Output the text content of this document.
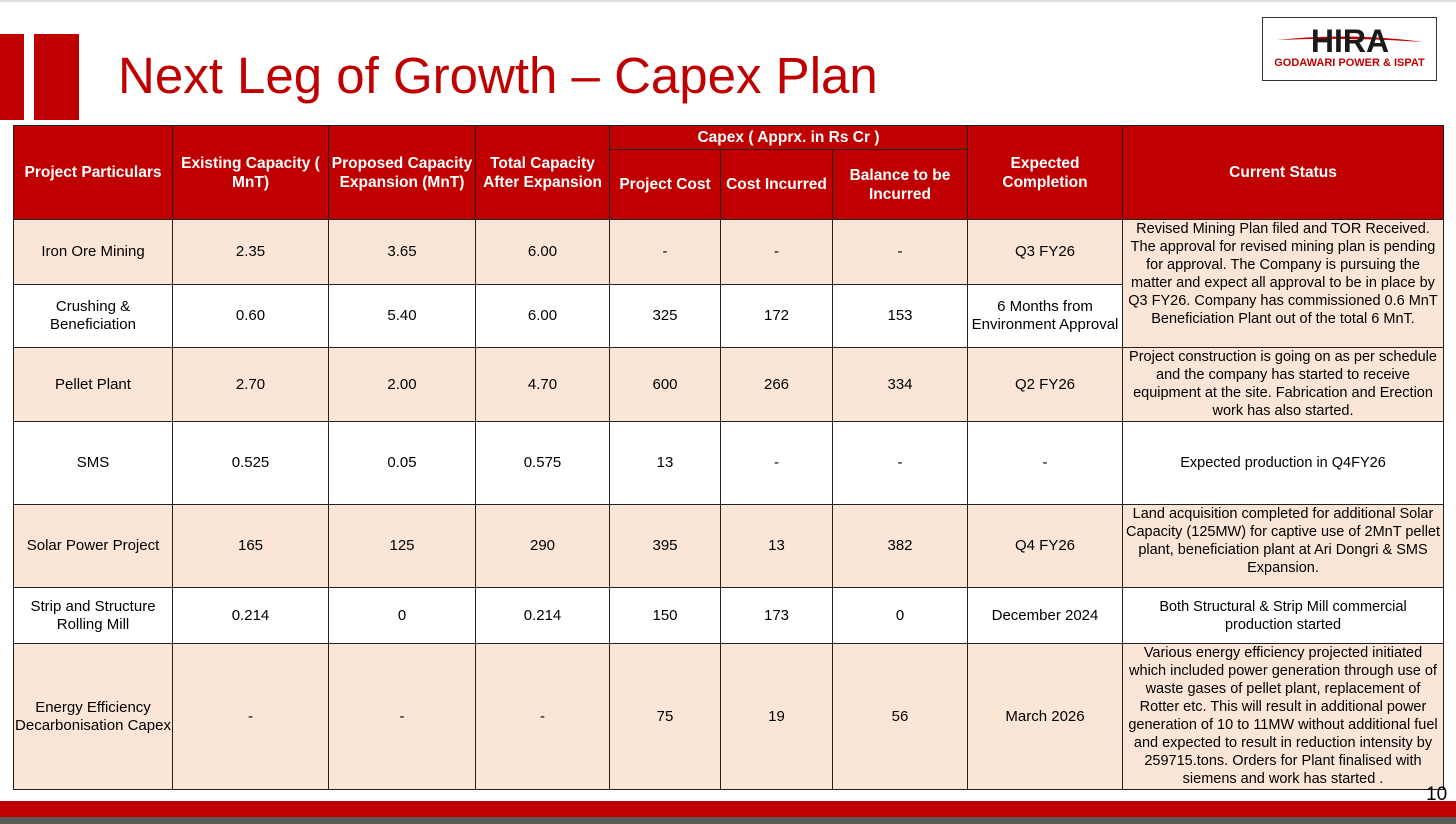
Next Leg of Growth – Capex Plan
HIRA
GODAWARI POWER & ISPAT
Project Particulars	Existing Capacity ( MnT)	Proposed Capacity Expansion (MnT)	Total Capacity After Expansion	Capex ( Apprx. in Rs Cr )			Expected Completion	Current Status
				Project Cost	Cost Incurred	Balance to be Incurred		
Iron Ore Mining	2.35	3.65	6.00	-	-	-	Q3 FY26	Revised Mining Plan filed and TOR Received. The approval for revised mining plan is pending for approval. The Company is pursuing the matter and expect all approval to be in place by Q3 FY26. Company has commissioned 0.6 MnT Beneficiation Plant out of the total 6 MnT.
Crushing & Beneficiation	0.60	5.40	6.00	325	172	153	6 Months from Environment Approval	
Pellet Plant	2.70	2.00	4.70	600	266	334	Q2 FY26	Project construction is going on as per schedule and the company has started to receive equipment at the site. Fabrication and Erection work has also started.
SMS	0.525	0.05	0.575	13	-	-	-	Expected production in Q4FY26
Solar Power Project	165	125	290	395	13	382	Q4 FY26	Land acquisition completed for additional Solar Capacity (125MW) for captive use of 2MnT pellet plant, beneficiation plant at Ari Dongri & SMS Expansion.
Strip and Structure Rolling Mill	0.214	0	0.214	150	173	0	December 2024	Both Structural & Strip Mill commercial production started
Energy Efficiency Decarbonisation Capex	-	-	-	75	19	56	March 2026	Various energy efficiency projected initiated which included power generation through use of waste gases of pellet plant, replacement of Rotter etc. This will result in additional power generation of 10 to 11MW without additional fuel and expected to result in reduction intensity by 259715.tons. Orders for Plant finalised with siemens and work has started .
10
